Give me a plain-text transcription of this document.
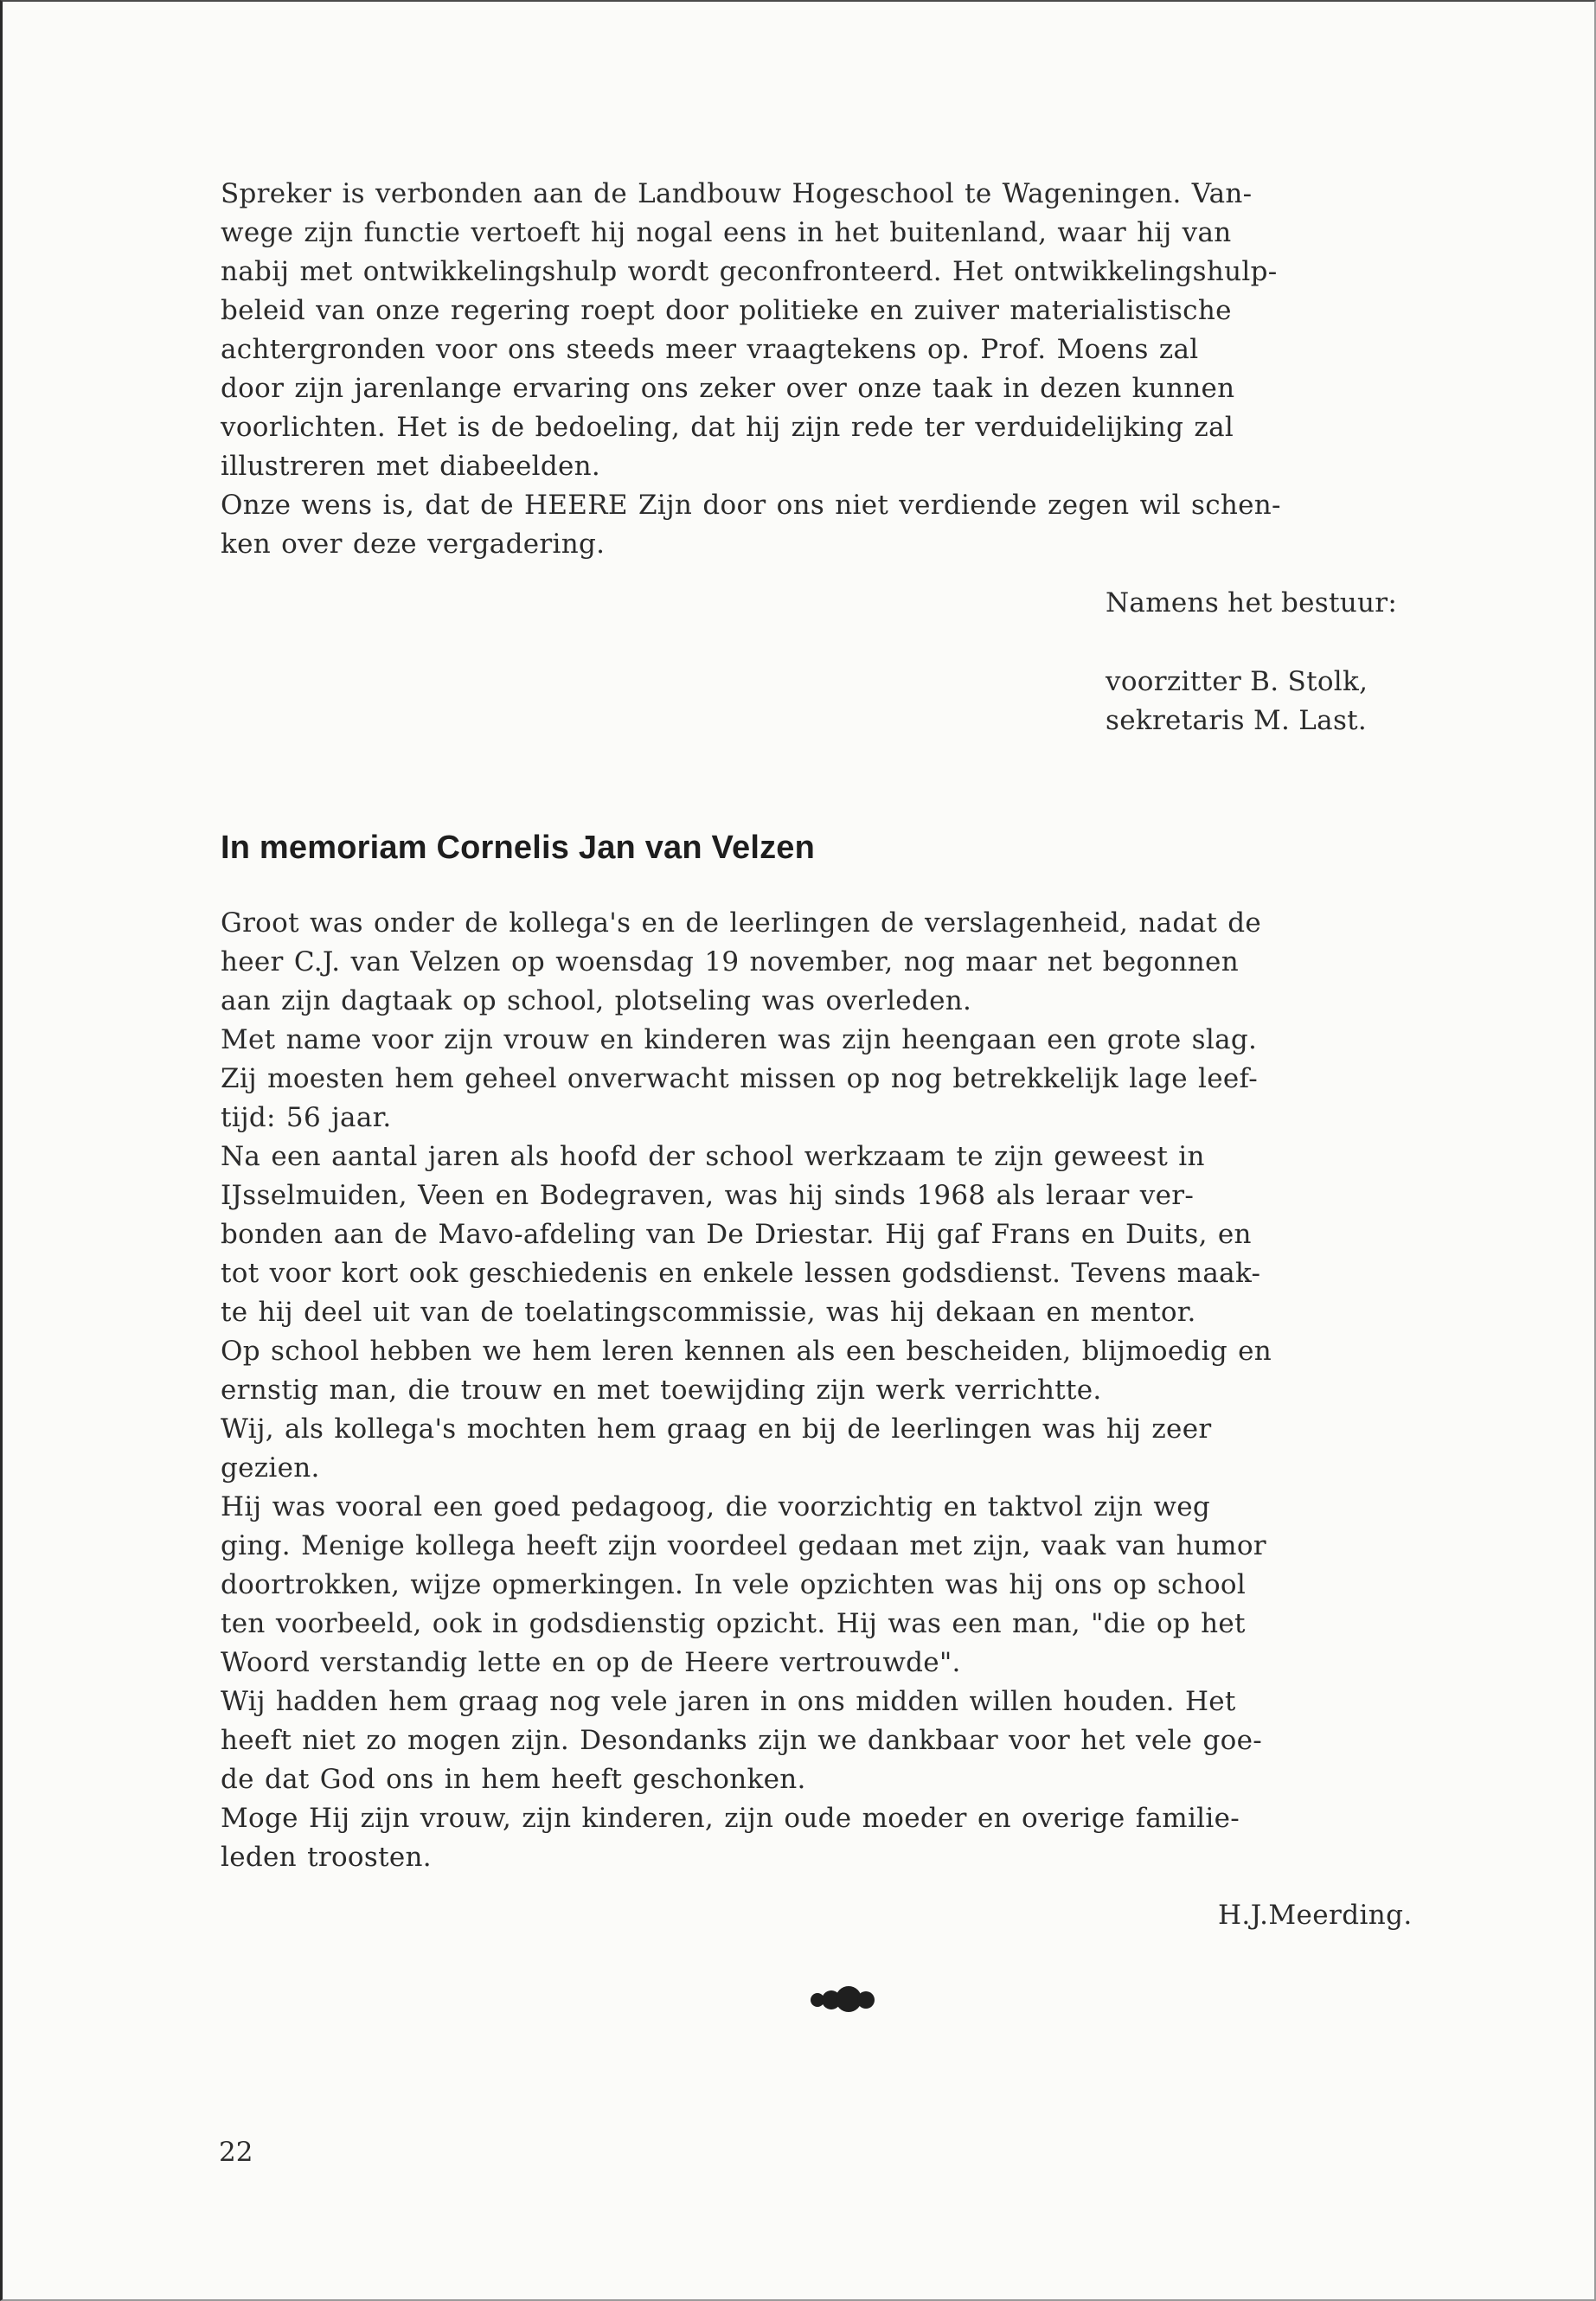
Spreker is verbonden aan de Landbouw Hogeschool te Wageningen. Van-
wege zijn functie vertoeft hij nogal eens in het buitenland, waar hij van
nabij met ontwikkelingshulp wordt geconfronteerd. Het ontwikkelingshulp-
beleid van onze regering roept door politieke en zuiver materialistische
achtergronden voor ons steeds meer vraagtekens op. Prof. Moens zal
door zijn jarenlange ervaring ons zeker over onze taak in dezen kunnen
voorlichten. Het is de bedoeling, dat hij zijn rede ter verduidelijking zal
illustreren met diabeelden.
Onze wens is, dat de HEERE Zijn door ons niet verdiende zegen wil schen-
ken over deze vergadering.
Namens het bestuur:
voorzitter B. Stolk,
sekretaris M. Last.
In memoriam Cornelis Jan van Velzen
Groot was onder de kollega's en de leerlingen de verslagenheid, nadat de
heer C.J. van Velzen op woensdag 19 november, nog maar net begonnen
aan zijn dagtaak op school, plotseling was overleden.
Met name voor zijn vrouw en kinderen was zijn heengaan een grote slag.
Zij moesten hem geheel onverwacht missen op nog betrekkelijk lage leef-
tijd: 56 jaar.
Na een aantal jaren als hoofd der school werkzaam te zijn geweest in
IJsselmuiden, Veen en Bodegraven, was hij sinds 1968 als leraar ver-
bonden aan de Mavo-afdeling van De Driestar. Hij gaf Frans en Duits, en
tot voor kort ook geschiedenis en enkele lessen godsdienst. Tevens maak-
te hij deel uit van de toelatingscommissie, was hij dekaan en mentor.
Op school hebben we hem leren kennen als een bescheiden, blijmoedig en
ernstig man, die trouw en met toewijding zijn werk verrichtte.
Wij, als kollega's mochten hem graag en bij de leerlingen was hij zeer
gezien.
Hij was vooral een goed pedagoog, die voorzichtig en taktvol zijn weg
ging. Menige kollega heeft zijn voordeel gedaan met zijn, vaak van humor
doortrokken, wijze opmerkingen. In vele opzichten was hij ons op school
ten voorbeeld, ook in godsdienstig opzicht. Hij was een man, "die op het
Woord verstandig lette en op de Heere vertrouwde".
Wij hadden hem graag nog vele jaren in ons midden willen houden. Het
heeft niet zo mogen zijn. Desondanks zijn we dankbaar voor het vele goe-
de dat God ons in hem heeft geschonken.
Moge Hij zijn vrouw, zijn kinderen, zijn oude moeder en overige familie-
leden troosten.
H.J.Meerding.
22
